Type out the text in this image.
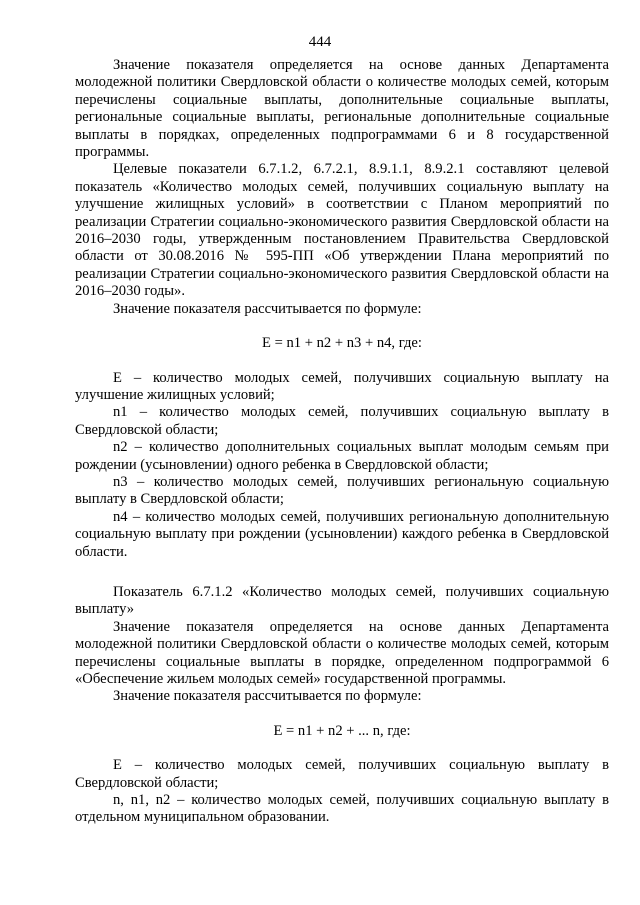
444

Значение показателя определяется на основе данных Департамента молодежной политики Свердловской области о количестве молодых семей, которым перечислены социальные выплаты, дополнительные социальные выплаты, региональные социальные выплаты, региональные дополнительные социальные выплаты в порядках, определенных подпрограммами 6 и 8 государственной программы.

Целевые показатели 6.7.1.2, 6.7.2.1, 8.9.1.1, 8.9.2.1 составляют целевой показатель «Количество молодых семей, получивших социальную выплату на улучшение жилищных условий» в соответствии с Планом мероприятий по реализации Стратегии социально-экономического развития Свердловской области на 2016–2030 годы, утвержденным постановлением Правительства Свердловской области от 30.08.2016 № 595-ПП «Об утверждении Плана мероприятий по реализации Стратегии социально-экономического развития Свердловской области на 2016–2030 годы».

Значение показателя рассчитывается по формуле:

E = n1 + n2 + n3 + n4, где:

E – количество молодых семей, получивших социальную выплату на улучшение жилищных условий;

n1 – количество молодых семей, получивших социальную выплату в Свердловской области;

n2 – количество дополнительных социальных выплат молодым семьям при рождении (усыновлении) одного ребенка в Свердловской области;

n3 – количество молодых семей, получивших региональную социальную выплату в Свердловской области;

n4 – количество молодых семей, получивших региональную дополнительную социальную выплату при рождении (усыновлении) каждого ребенка в Свердловской области.

Показатель 6.7.1.2 «Количество молодых семей, получивших социальную выплату»

Значение показателя определяется на основе данных Департамента молодежной политики Свердловской области о количестве молодых семей, которым перечислены социальные выплаты в порядке, определенном подпрограммой 6 «Обеспечение жильем молодых семей» государственной программы.

Значение показателя рассчитывается по формуле:

E = n1 + n2 + ... n, где:

E – количество молодых семей, получивших социальную выплату в Свердловской области;

n, n1, n2 – количество молодых семей, получивших социальную выплату в отдельном муниципальном образовании.
